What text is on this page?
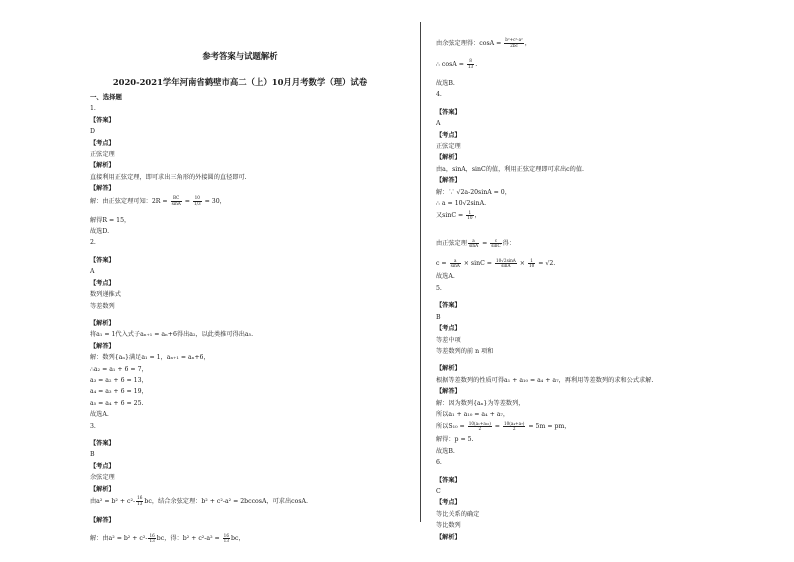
参考答案与试题解析
2020-2021学年河南省鹤壁市高二（上）10月月考数学（理）试卷
一、选择题
1.
【答案】
D
【考点】
正弦定理
【解析】
直接利用正弦定理，即可求出三角形的外接圆的直径即可.
【解答】
解：由正弦定理可知：$2R = \frac{BC}{\sin A} = \frac{10}{1/3} = 30$，
解得R = 15，
故选D.
2.
【答案】
A
【考点】
数列递推式
等差数列
【解析】
将a₁ = 1代入式子aₙ₊₁ = aₙ+6得出a₂，以此类推可得出a₅.
【解答】
解：数列{aₙ}满足a₁ = 1，aₙ₊₁ = aₙ+6，
∴a₂ = a₁ + 6 = 7，
a₃ = a₂ + 6 = 13，
a₄ = a₃ + 6 = 19，
a₅ = a₄ + 6 = 25.
故选A.
3.
【答案】
B
【考点】
余弦定理
【解析】
由$a^2 = b^2 + c^2- \frac{16}{13}$ bc，结合余弦定理：b² + c²-a² = 2bccosA，可求出cosA.
【解答】
解：由$a^2 = b^2 + c^2- \frac{16}{13}$ bc，得：$b^2 + c^2-a^2 = \frac{16}{13}$ bc，
由余弦定理得：$\cos A = \frac{\text{b²+c²-a²}}{2bc}$ ，
∴ $\cos A = \frac{8}{13}$ .
故选B.
4.
【答案】
A
【考点】
正弦定理
【解析】
由a，sinA，sinC的值，利用正弦定理即可求出c的值.
【解答】
解：∵ √2a-20sinA = 0，
∴ a = 10√2sinA.
又$\sin C = \frac{1}{10}$ ，
由正弦定理 $\frac{a}{\sin A} = \frac{c}{\sin C}$ 得：
$c = \frac{a}{\sin A} \times \sin C = \frac{10√2\sin A}{\sin A} \times \frac{1}{10} = √2$.
故选A.
5.
【答案】
B
【考点】
等差中项
等差数列的前 n 项和
【解析】
根据等差数列的性质可得a₁ + a₁₀ = a₄ + a₇，再利用等差数列的求和公式求解.
【解答】
解：因为数列{aₙ}为等差数列，
所以a₁ + a₁₀ = a₄ + a₇，
所以$S_{10} = \frac{\text{10(a₁+a₁₀)}}{2} = \frac{\text{10(a₄+a₇)}}{2} = 5m$ = pm，
解得：p = 5.
故选B.
6.
【答案】
C
【考点】
等比关系的确定
等比数列
【解析】
